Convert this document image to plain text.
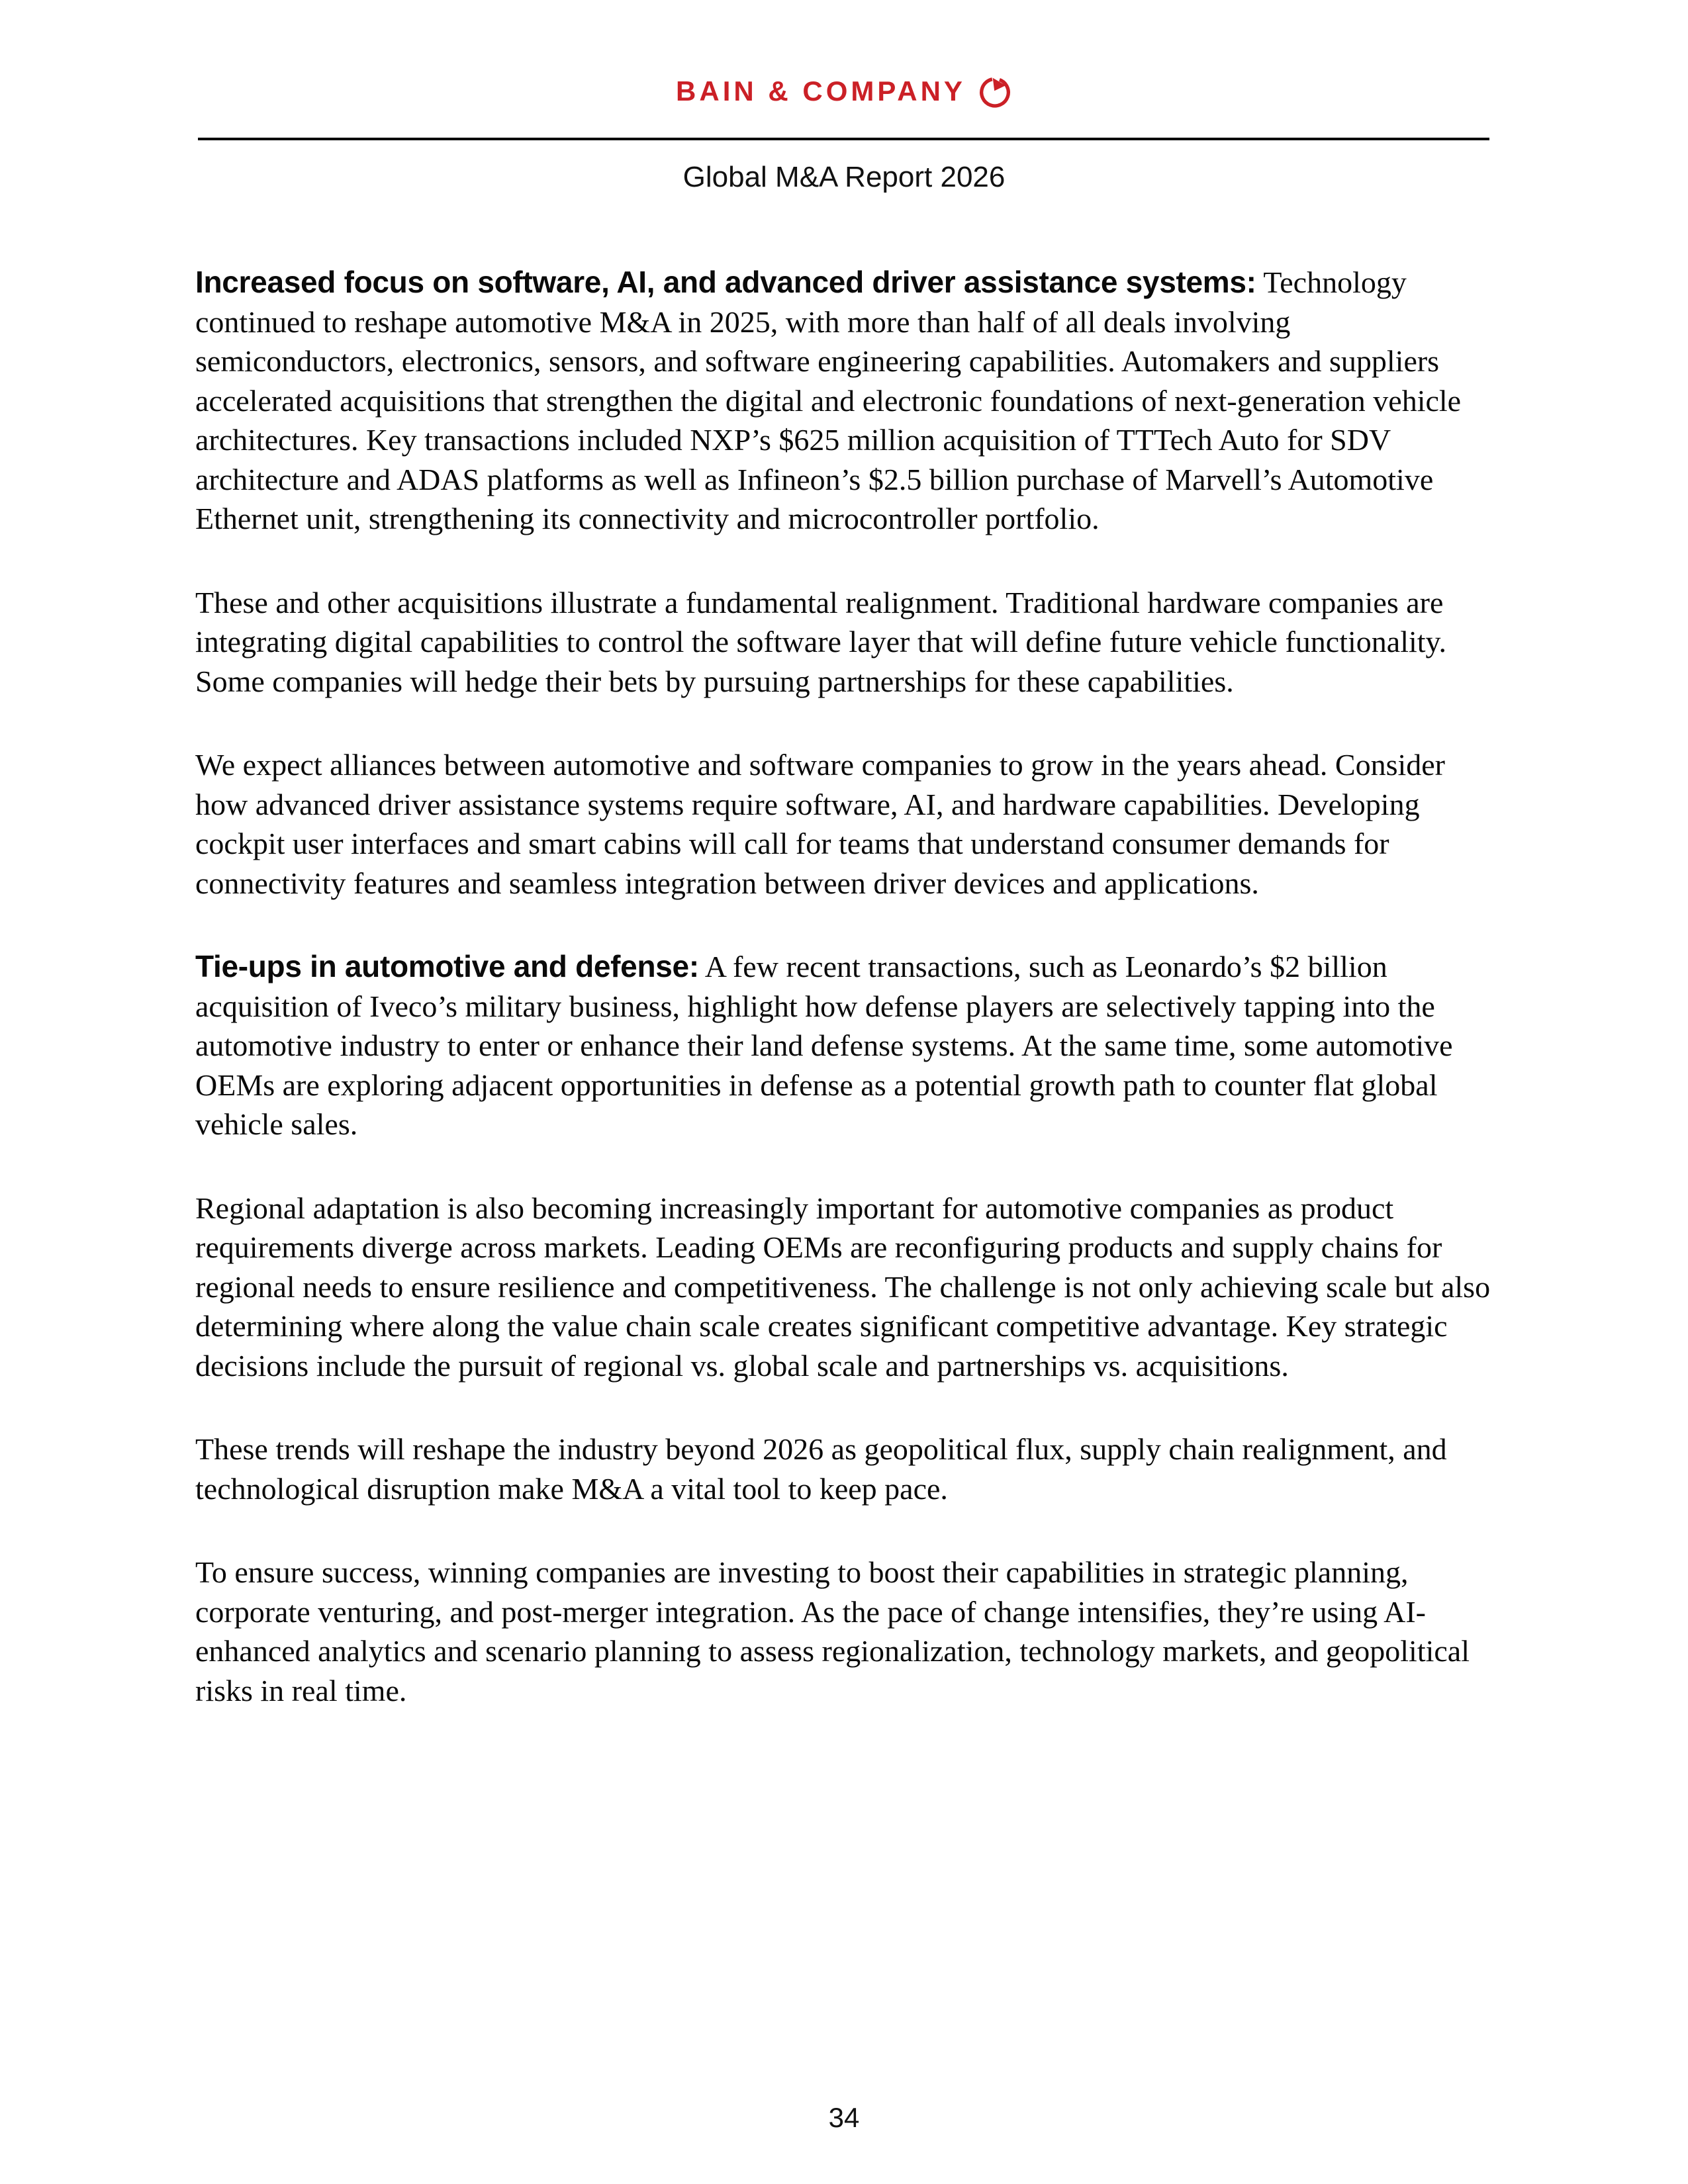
BAIN & COMPANY
Global M&A Report 2026

Increased focus on software, AI, and advanced driver assistance systems: Technology continued to reshape automotive M&A in 2025, with more than half of all deals involving semiconductors, electronics, sensors, and software engineering capabilities. Automakers and suppliers accelerated acquisitions that strengthen the digital and electronic foundations of next-generation vehicle architectures. Key transactions included NXP’s $625 million acquisition of TTTech Auto for SDV architecture and ADAS platforms as well as Infineon’s $2.5 billion purchase of Marvell’s Automotive Ethernet unit, strengthening its connectivity and microcontroller portfolio.

These and other acquisitions illustrate a fundamental realignment. Traditional hardware companies are integrating digital capabilities to control the software layer that will define future vehicle functionality. Some companies will hedge their bets by pursuing partnerships for these capabilities.

We expect alliances between automotive and software companies to grow in the years ahead. Consider how advanced driver assistance systems require software, AI, and hardware capabilities. Developing cockpit user interfaces and smart cabins will call for teams that understand consumer demands for connectivity features and seamless integration between driver devices and applications.

Tie-ups in automotive and defense: A few recent transactions, such as Leonardo’s $2 billion acquisition of Iveco’s military business, highlight how defense players are selectively tapping into the automotive industry to enter or enhance their land defense systems. At the same time, some automotive OEMs are exploring adjacent opportunities in defense as a potential growth path to counter flat global vehicle sales.

Regional adaptation is also becoming increasingly important for automotive companies as product requirements diverge across markets. Leading OEMs are reconfiguring products and supply chains for regional needs to ensure resilience and competitiveness. The challenge is not only achieving scale but also determining where along the value chain scale creates significant competitive advantage. Key strategic decisions include the pursuit of regional vs. global scale and partnerships vs. acquisitions.

These trends will reshape the industry beyond 2026 as geopolitical flux, supply chain realignment, and technological disruption make M&A a vital tool to keep pace.

To ensure success, winning companies are investing to boost their capabilities in strategic planning, corporate venturing, and post-merger integration. As the pace of change intensifies, they’re using AI-enhanced analytics and scenario planning to assess regionalization, technology markets, and geopolitical risks in real time.

34
